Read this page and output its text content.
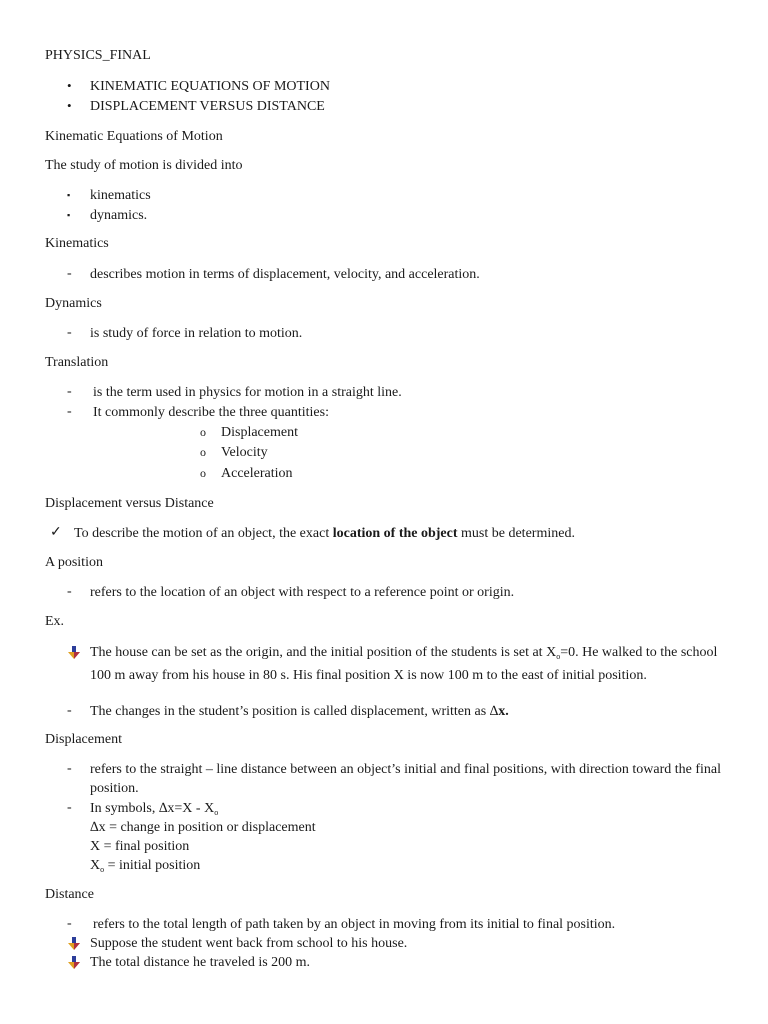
PHYSICS_FINAL
• KINEMATIC EQUATIONS OF MOTION
• DISPLACEMENT VERSUS DISTANCE
Kinematic Equations of Motion
The study of motion is divided into
▪ kinematics
▪ dynamics.
Kinematics
- describes motion in terms of displacement, velocity, and acceleration.
Dynamics
- is study of force in relation to motion.
Translation
- is the term used in physics for motion in a straight line.
- It commonly describe the three quantities:
o Displacement
o Velocity
o Acceleration
Displacement versus Distance
✓ To describe the motion of an object, the exact location of the object must be determined.
A position
- refers to the location of an object with respect to a reference point or origin.
Ex.
The house can be set as the origin, and the initial position of the students is set at $X_o=0$. He walked to the school 100 m away from his house in 80 s. His final position X is now 100 m to the east of initial position.
- The changes in the student’s position is called displacement, written as ∆x.
Displacement
- refers to the straight – line distance between an object’s initial and final positions, with direction toward the final position.
- In symbols, $\Delta x=X - X_o$
∆x = change in position or displacement
X = final position
$X_o$ = initial position
Distance
- refers to the total length of path taken by an object in moving from its initial to final position.
Suppose the student went back from school to his house.
The total distance he traveled is 200 m.
